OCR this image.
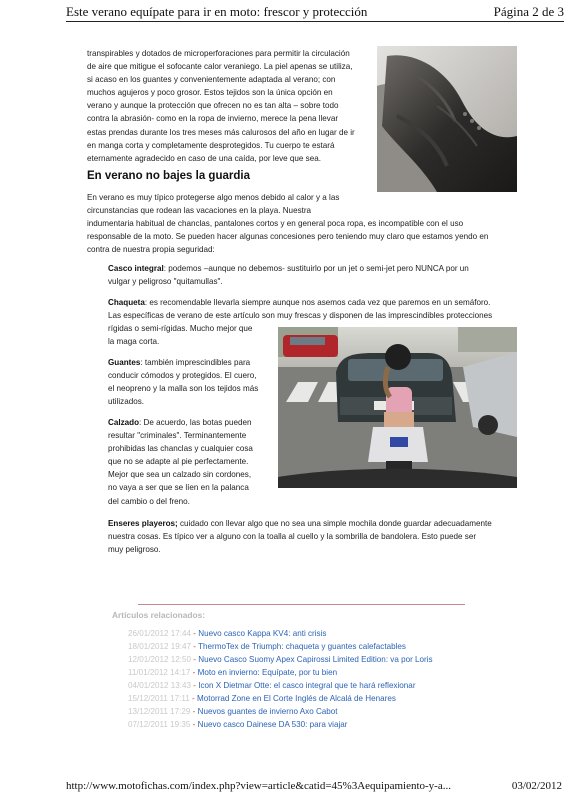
Este verano equípate para ir en moto: frescor y protección	Página 2 de 3
transpirables y dotados de microperforaciones para permitir la circulación
de aire que mitigue el sofocante calor veraniego. La piel apenas se utiliza,
si acaso en los guantes y convenientemente adaptada al verano; con
muchos agujeros y poco grosor. Estos tejidos son la única opción en
verano y aunque la protección que ofrecen no es tan alta – sobre todo
contra la abrasión- como en la ropa de invierno, merece la pena llevar
estas prendas durante los tres meses más calurosos del año en lugar de ir
en manga corta y completamente desprotegidos. Tu cuerpo te estará
eternamente agradecido en caso de una caída, por leve que sea.
En verano no bajes la guardia
En verano es muy típico protegerse algo menos debido al calor y a las
circunstancias que rodean las vacaciones en la playa. Nuestra
indumentaria habitual de chanclas, pantalones cortos y en general poca ropa, es incompatible con el uso
responsable de la moto. Se pueden hacer algunas concesiones pero teniendo muy claro que estamos yendo en
contra de nuestra propia seguridad:
Casco integral: podemos –aunque no debemos- sustituirlo por un jet o semi-jet pero NUNCA por un
vulgar y peligroso "quitamullas".
Chaqueta: es recomendable llevarla siempre aunque nos asemos cada vez que paremos en un semáforo.
Las específicas de verano de este artículo son muy frescas y disponen de las imprescindibles protecciones
rígidas o semi-rígidas. Mucho mejor que
la maga corta.
Guantes: también imprescindibles para
conducir cómodos y protegidos. El cuero,
el neopreno y la malla son los tejidos más
utilizados.
Calzado: De acuerdo, las botas pueden
resultar "criminales". Terminantemente
prohibidas las chanclas y cualquier cosa
que no se adapte al pie perfectamente.
Mejor que sea un calzado sin cordones,
no vaya a ser que se líen en la palanca
del cambio o del freno.
Enseres playeros; cuidado con llevar algo que no sea una simple mochila donde guardar adecuadamente
nuestra cosas. Es típico ver a alguno con la toalla al cuello y la sombrilla de bandolera. Esto puede ser
muy peligroso.
Artículos relacionados:
26/01/2012 17:44 - Nuevo casco Kappa KV4: anti crisis
18/01/2012 19:47 - ThermoTex de Triumph: chaqueta y guantes calefactables
12/01/2012 12:50 - Nuevo Casco Suomy Apex Capirossi Limited Edition: va por Loris
11/01/2012 14:17 - Moto en invierno: Equípate, por tu bien
04/01/2012 13:43 - Icon X Dietmar Otte: el casco integral que te hará reflexionar
15/12/2011 17:11 - Motorrad Zone en El Corte Inglés de Alcalá de Henares
13/12/2011 17:29 - Nuevos guantes de invierno Axo Cabot
07/12/2011 19:35 - Nuevo casco Dainese DA 530: para viajar
http://www.motofichas.com/index.php?view=article&catid=45%3Aequipamiento-y-a...	03/02/2012
